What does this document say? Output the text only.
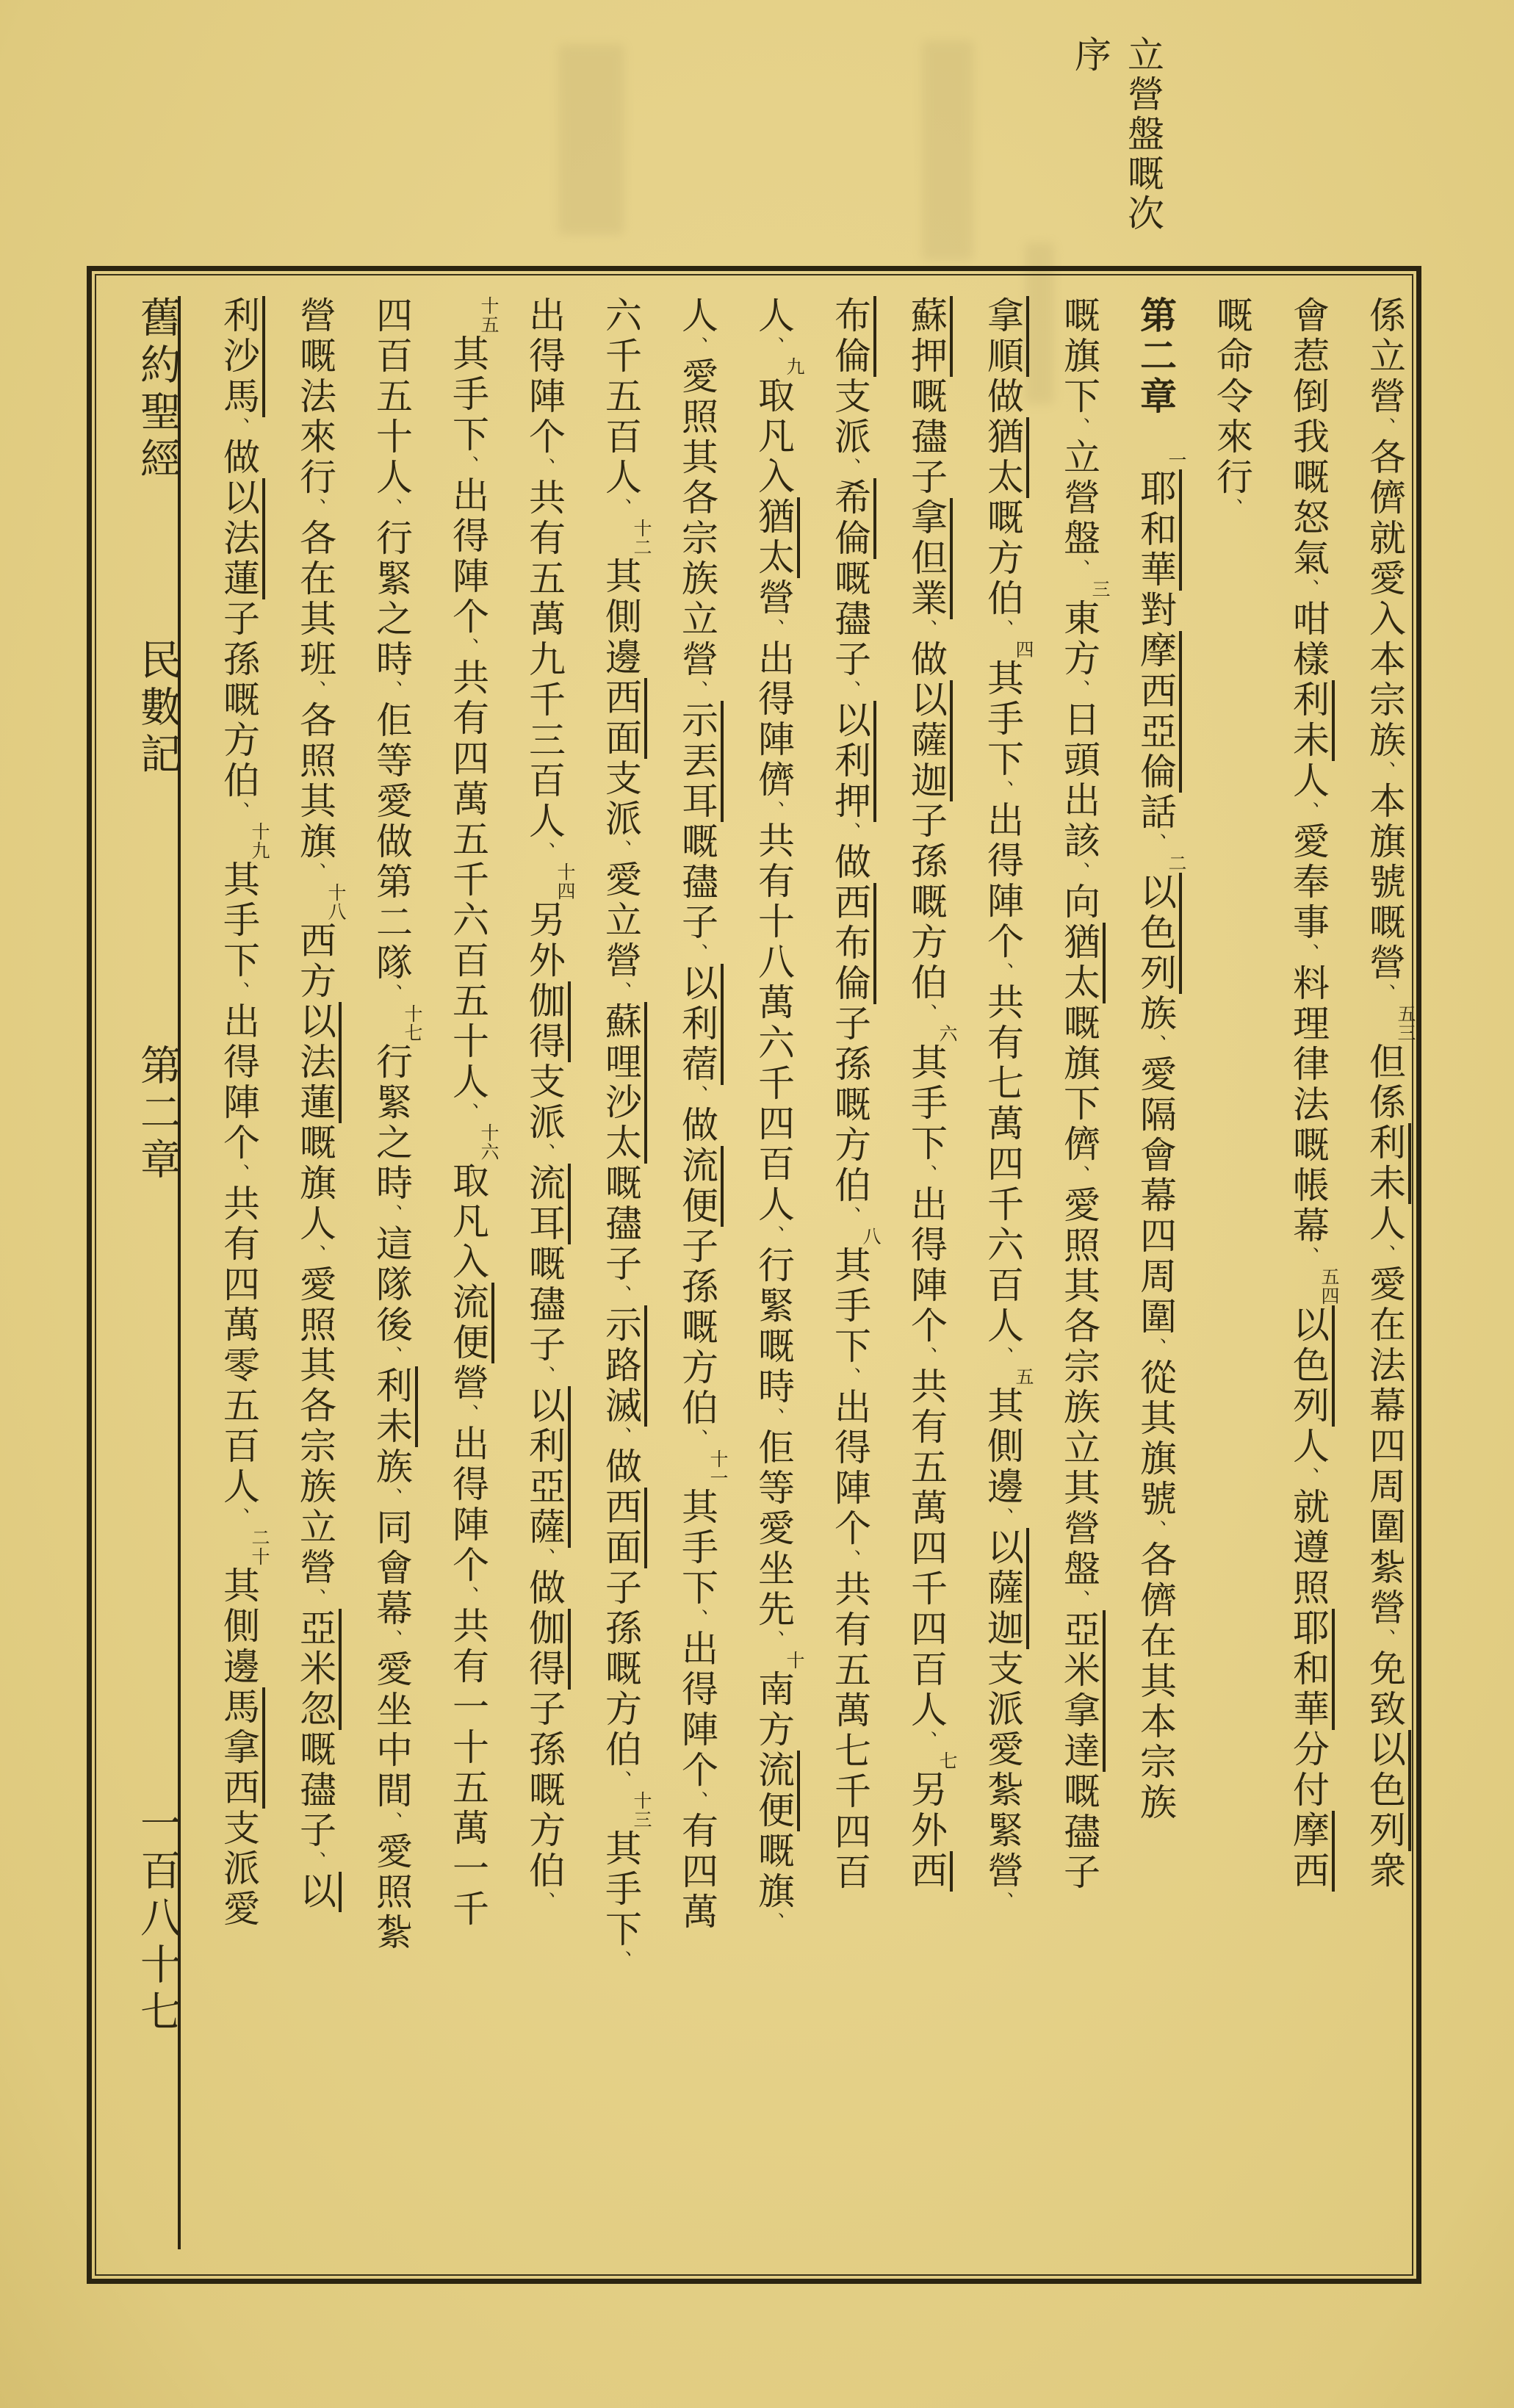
立營盤嘅次
序
係立營、各儕就愛入本宗族、本旗號嘅營、五三但係利未人、愛在法幕四周圍紮營、免致以色列衆
會惹倒我嘅怒氣、咁樣利未人、愛奉事、料理律法嘅帳幕、五四以色列人、就遵照耶和華分付摩西
嘅命令來行、
第二章一耶和華對摩西亞倫話、二以色列族、愛隔會幕四周圍、從其旗號、各儕在其本宗族
嘅旗下、立營盤、三東方、日頭出該、向猶太嘅旗下儕、愛照其各宗族立其營盤、亞米拿達嘅孻子
拿順做猶太嘅方伯、四其手下、出得陣个、共有七萬四千六百人、五其側邊、以薩迦支派愛紮緊營、
蘇押嘅孻子拿但業、做以薩迦子孫嘅方伯、六其手下、出得陣个、共有五萬四千四百人、七另外西
布倫支派、希倫嘅孻子、以利押、做西布倫子孫嘅方伯、八其手下、出得陣个、共有五萬七千四百
人、九取凡入猶太營、出得陣儕、共有十八萬六千四百人、行緊嘅時、佢等愛坐先、十南方流便嘅旗、
人、愛照其各宗族立營、示丟耳嘅孻子、以利蓿、做流便子孫嘅方伯、十一其手下、出得陣个、有四萬
六千五百人、十二其側邊西面支派、愛立營、蘇哩沙太嘅孻子、示路滅、做西面子孫嘅方伯、十三其手下、
出得陣个、共有五萬九千三百人、十四另外伽得支派、流耳嘅孻子、以利亞薩、做伽得子孫嘅方伯、
十五其手下、出得陣个、共有四萬五千六百五十人、十六取凡入流便營、出得陣个、共有一十五萬一千
四百五十人、行緊之時、佢等愛做第二隊、十七行緊之時、這隊後、利未族、同會幕、愛坐中間、愛照紮
營嘅法來行、各在其班、各照其旗、十八西方以法蓮嘅旗人、愛照其各宗族立營、亞米忽嘅孻子、以
利沙馬、做以法蓮子孫嘅方伯、十九其手下、出得陣个、共有四萬零五百人、二十其側邊馬拿西支派愛
舊約聖經民數記第二章一百八十七
